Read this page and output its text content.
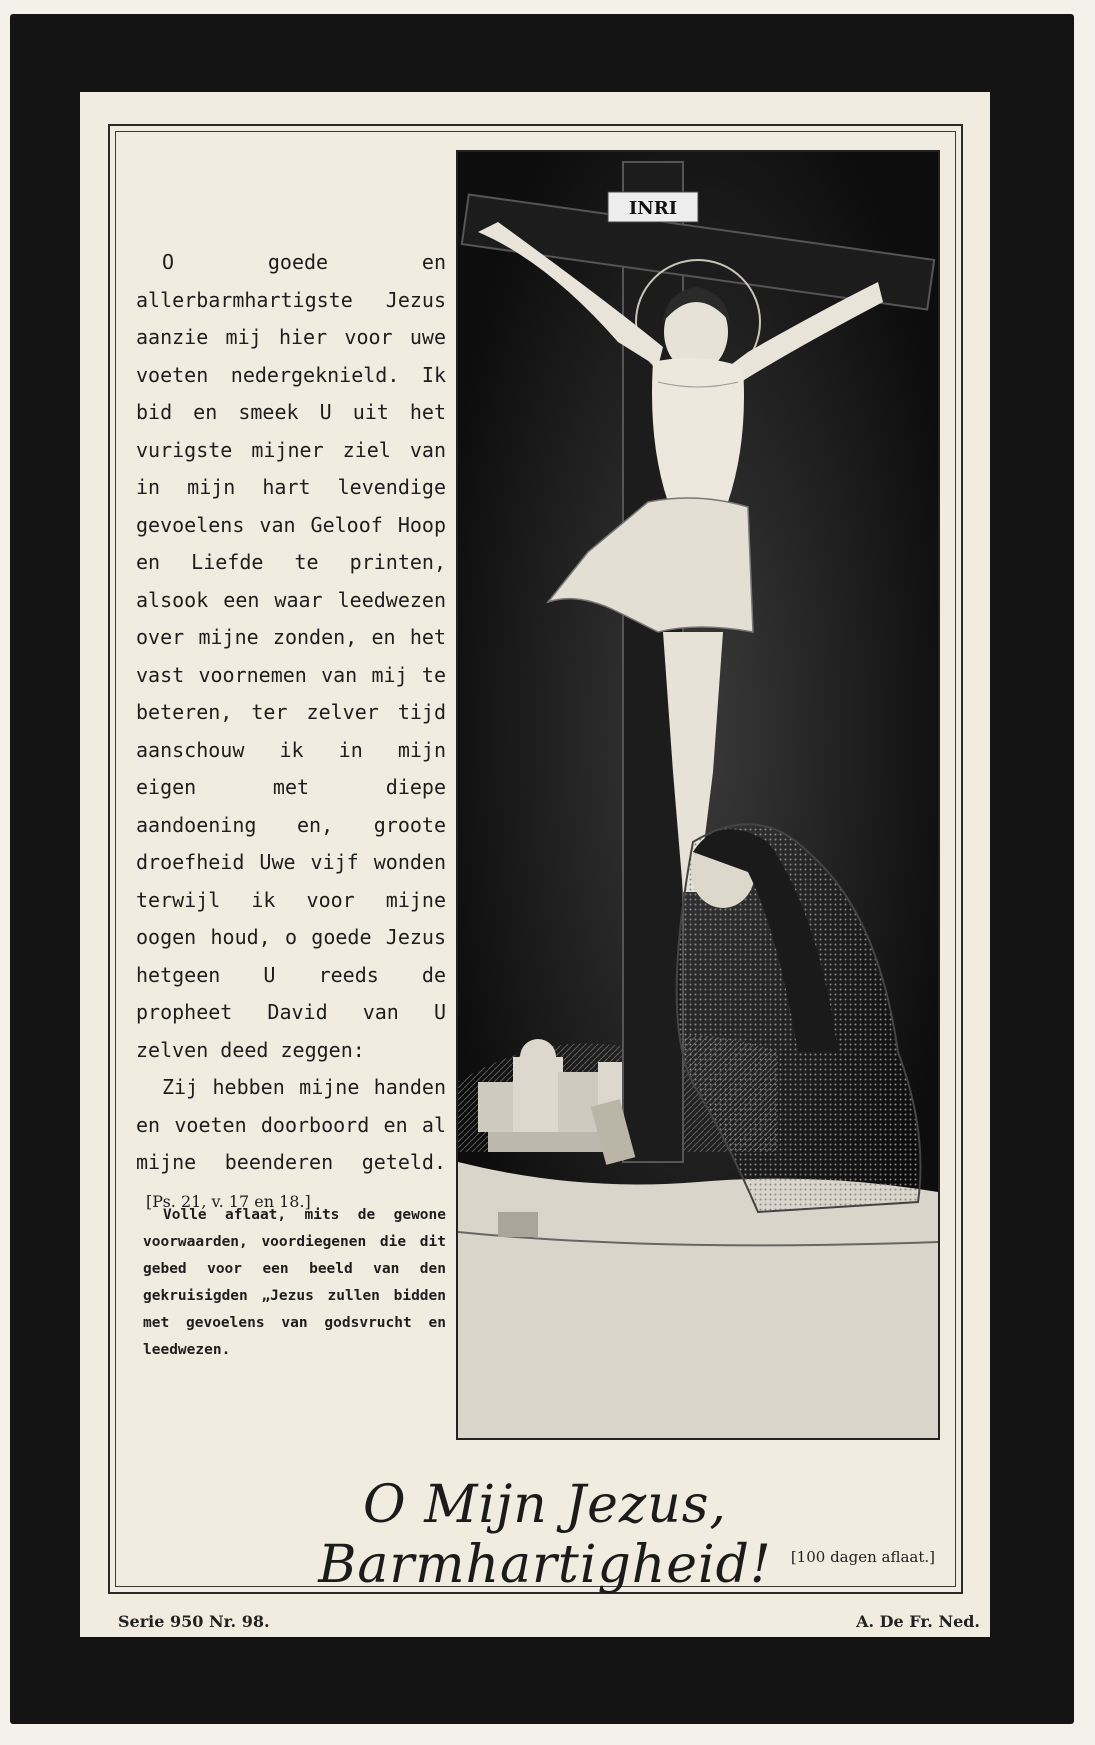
O goede en allerbarmhartigste Jezus aanzie mij hier voor uwe voeten nedergeknield. Ik bid en smeek U uit het vurigste mijner ziel van in mijn hart levendige gevoelens van Geloof Hoop en Liefde te printen, alsook een waar leedwezen over mijne zonden, en het vast voornemen van mij te beteren, ter zelver tijd aanschouw ik in mijn eigen met diepe aandoening en, groote droefheid Uwe vijf wonden terwijl ik voor mijne oogen houd, o goede Jezus hetgeen U reeds de propheet David van U zelven deed zeggen:

Zij hebben mijne handen en voeten doorboord en al mijne beenderen geteld. [Ps. 21, v. 17 en 18.]

Volle aflaat, mits de gewone voorwaarden, voordiegenen die dit gebed voor een beeld van den gekruisigden „Jezus zullen bidden met gevoelens van godsvrucht en leedwezen.

INRI
O Mijn Jezus, Barmhartigheid!	[100 dagen aflaat.]
Serie 950 Nr. 98.	A. De Fr. Ned.
